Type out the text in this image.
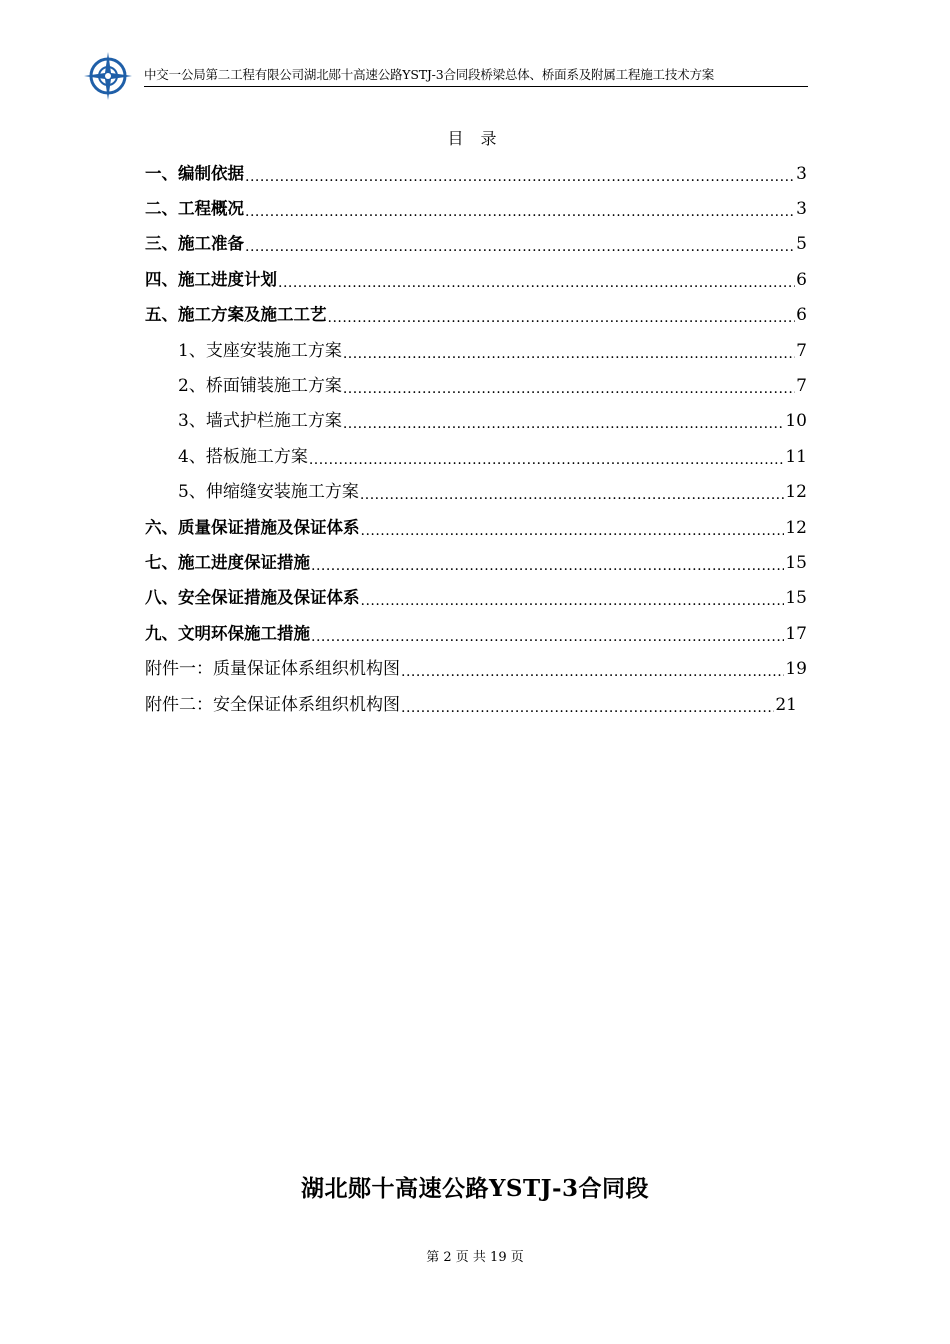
中交一公局第二工程有限公司湖北郧十高速公路YSTJ-3合同段桥梁总体、桥面系及附属工程施工技术方案
目 录
一、编制依据 .....	3
二、工程概况 .....	3
三、施工准备 .....	5
四、施工进度计划 .....	6
五、施工方案及施工工艺 .....	6
1、支座安装施工方案 .....	7
2、桥面铺装施工方案 .....	7
3、墙式护栏施工方案 .....	10
4、搭板施工方案 .....	11
5、伸缩缝安装施工方案 .....	12
六、质量保证措施及保证体系 .....	12
七、施工进度保证措施 .....	15
八、安全保证措施及保证体系 .....	15
九、文明环保施工措施 .....	17
附件一：质量保证体系组织机构图 .....	19
附件二：安全保证体系组织机构图 .....	21
湖北郧十高速公路YSTJ-3合同段
第 2 页 共 19 页
